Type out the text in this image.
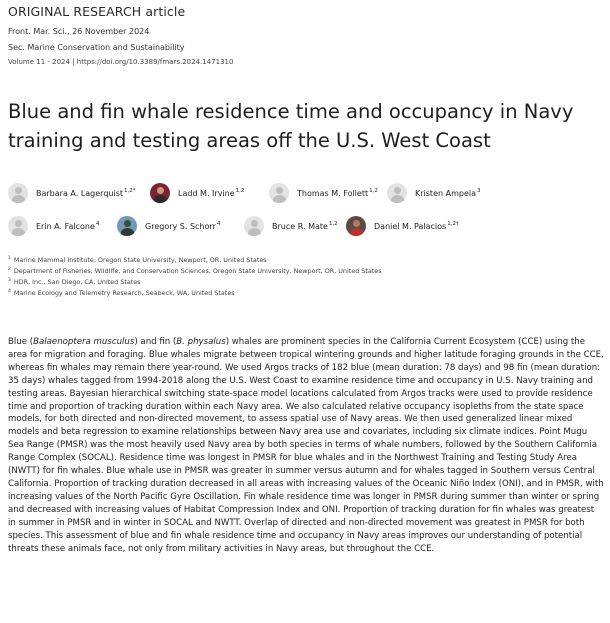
ORIGINAL RESEARCH article
Front. Mar. Sci., 26 November 2024
Sec. Marine Conservation and Sustainability
Volume 11 - 2024 | https://doi.org/10.3389/fmars.2024.1471310
Blue and fin whale residence time and occupancy in Navy training and testing areas off the U.S. West Coast
Barbara A. Lagerquist$^{1,2*}$	Ladd M. Irvine$^{1,2}$	Thomas M. Follett$^{1,2}$	Kristen Ampela$^3$
Erin A. Falcone$^4$	Gregory S. Schorr$^4$	Bruce R. Mate$^{1,2}$	Daniel M. Palacios$^{1,2\dagger}$
$^1$ Marine Mammal Institute, Oregon State University, Newport, OR, United States
$^2$ Department of Fisheries, Wildlife, and Conservation Sciences, Oregon State University, Newport, OR, United States
$^3$ HDR, Inc., San Diego, CA, United States
$^4$ Marine Ecology and Telemetry Research, Seabeck, WA, United States

Blue (Balaenoptera musculus) and fin (B. physalus) whales are prominent species in the California Current Ecosystem (CCE) using the area for migration and foraging. Blue whales migrate between tropical wintering grounds and higher latitude foraging grounds in the CCE, whereas fin whales may remain there year-round. We used Argos tracks of 182 blue (mean duration: 78 days) and 98 fin (mean duration: 35 days) whales tagged from 1994-2018 along the U.S. West Coast to examine residence time and occupancy in U.S. Navy training and testing areas. Bayesian hierarchical switching state-space model locations calculated from Argos tracks were used to provide residence time and proportion of tracking duration within each Navy area. We also calculated relative occupancy isopleths from the state space models, for both directed and non-directed movement, to assess spatial use of Navy areas. We then used generalized linear mixed models and beta regression to examine relationships between Navy area use and covariates, including six climate indices. Point Mugu Sea Range (PMSR) was the most heavily used Navy area by both species in terms of whale numbers, followed by the Southern California Range Complex (SOCAL). Residence time was longest in PMSR for blue whales and in the Northwest Training and Testing Study Area (NWTT) for fin whales. Blue whale use in PMSR was greater in summer versus autumn and for whales tagged in Southern versus Central California. Proportion of tracking duration decreased in all areas with increasing values of the Oceanic Niño Index (ONI), and in PMSR, with increasing values of the North Pacific Gyre Oscillation. Fin whale residence time was longer in PMSR during summer than winter or spring and decreased with increasing values of Habitat Compression Index and ONI. Proportion of tracking duration for fin whales was greatest in summer in PMSR and in winter in SOCAL and NWTT. Overlap of directed and non-directed movement was greatest in PMSR for both species. This assessment of blue and fin whale residence time and occupancy in Navy areas improves our understanding of potential threats these animals face, not only from military activities in Navy areas, but throughout the CCE.
